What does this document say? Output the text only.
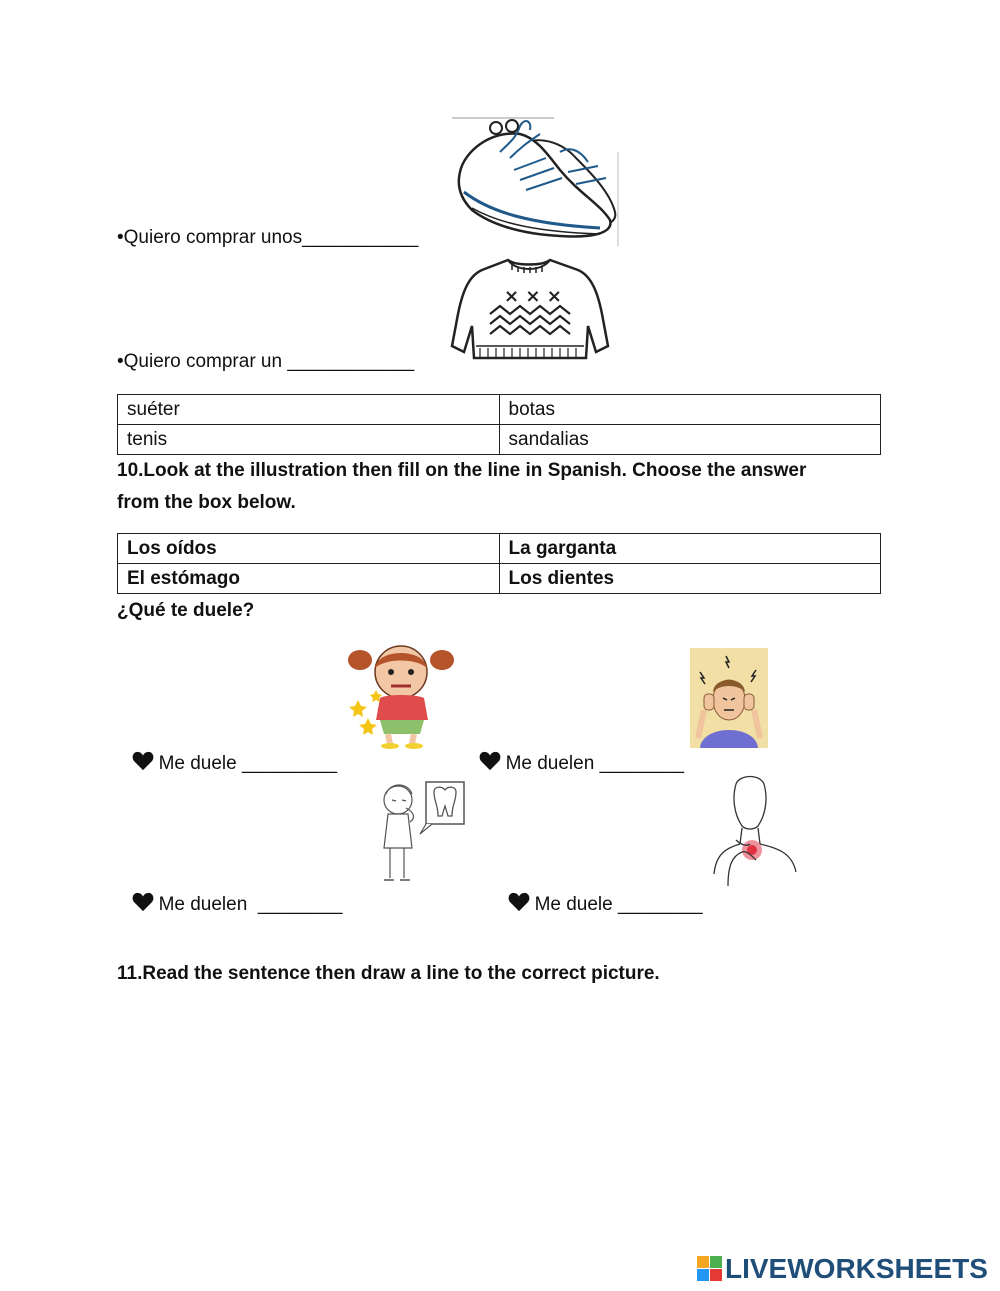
•Quiero comprar unos___________
× × ×
•Quiero comprar un ____________
suéter	botas
tenis	sandalias
10.Look at the illustration then fill on the line in Spanish. Choose the answer
from the box below.
Los oídos	La garganta
El estómago	Los dientes
¿Qué te duele?

Me duele _________	Me duelen ________

Me duelen  ________	Me duele ________

11.Read the sentence then draw a line to the correct picture.
LIVEWORKSHEETS
